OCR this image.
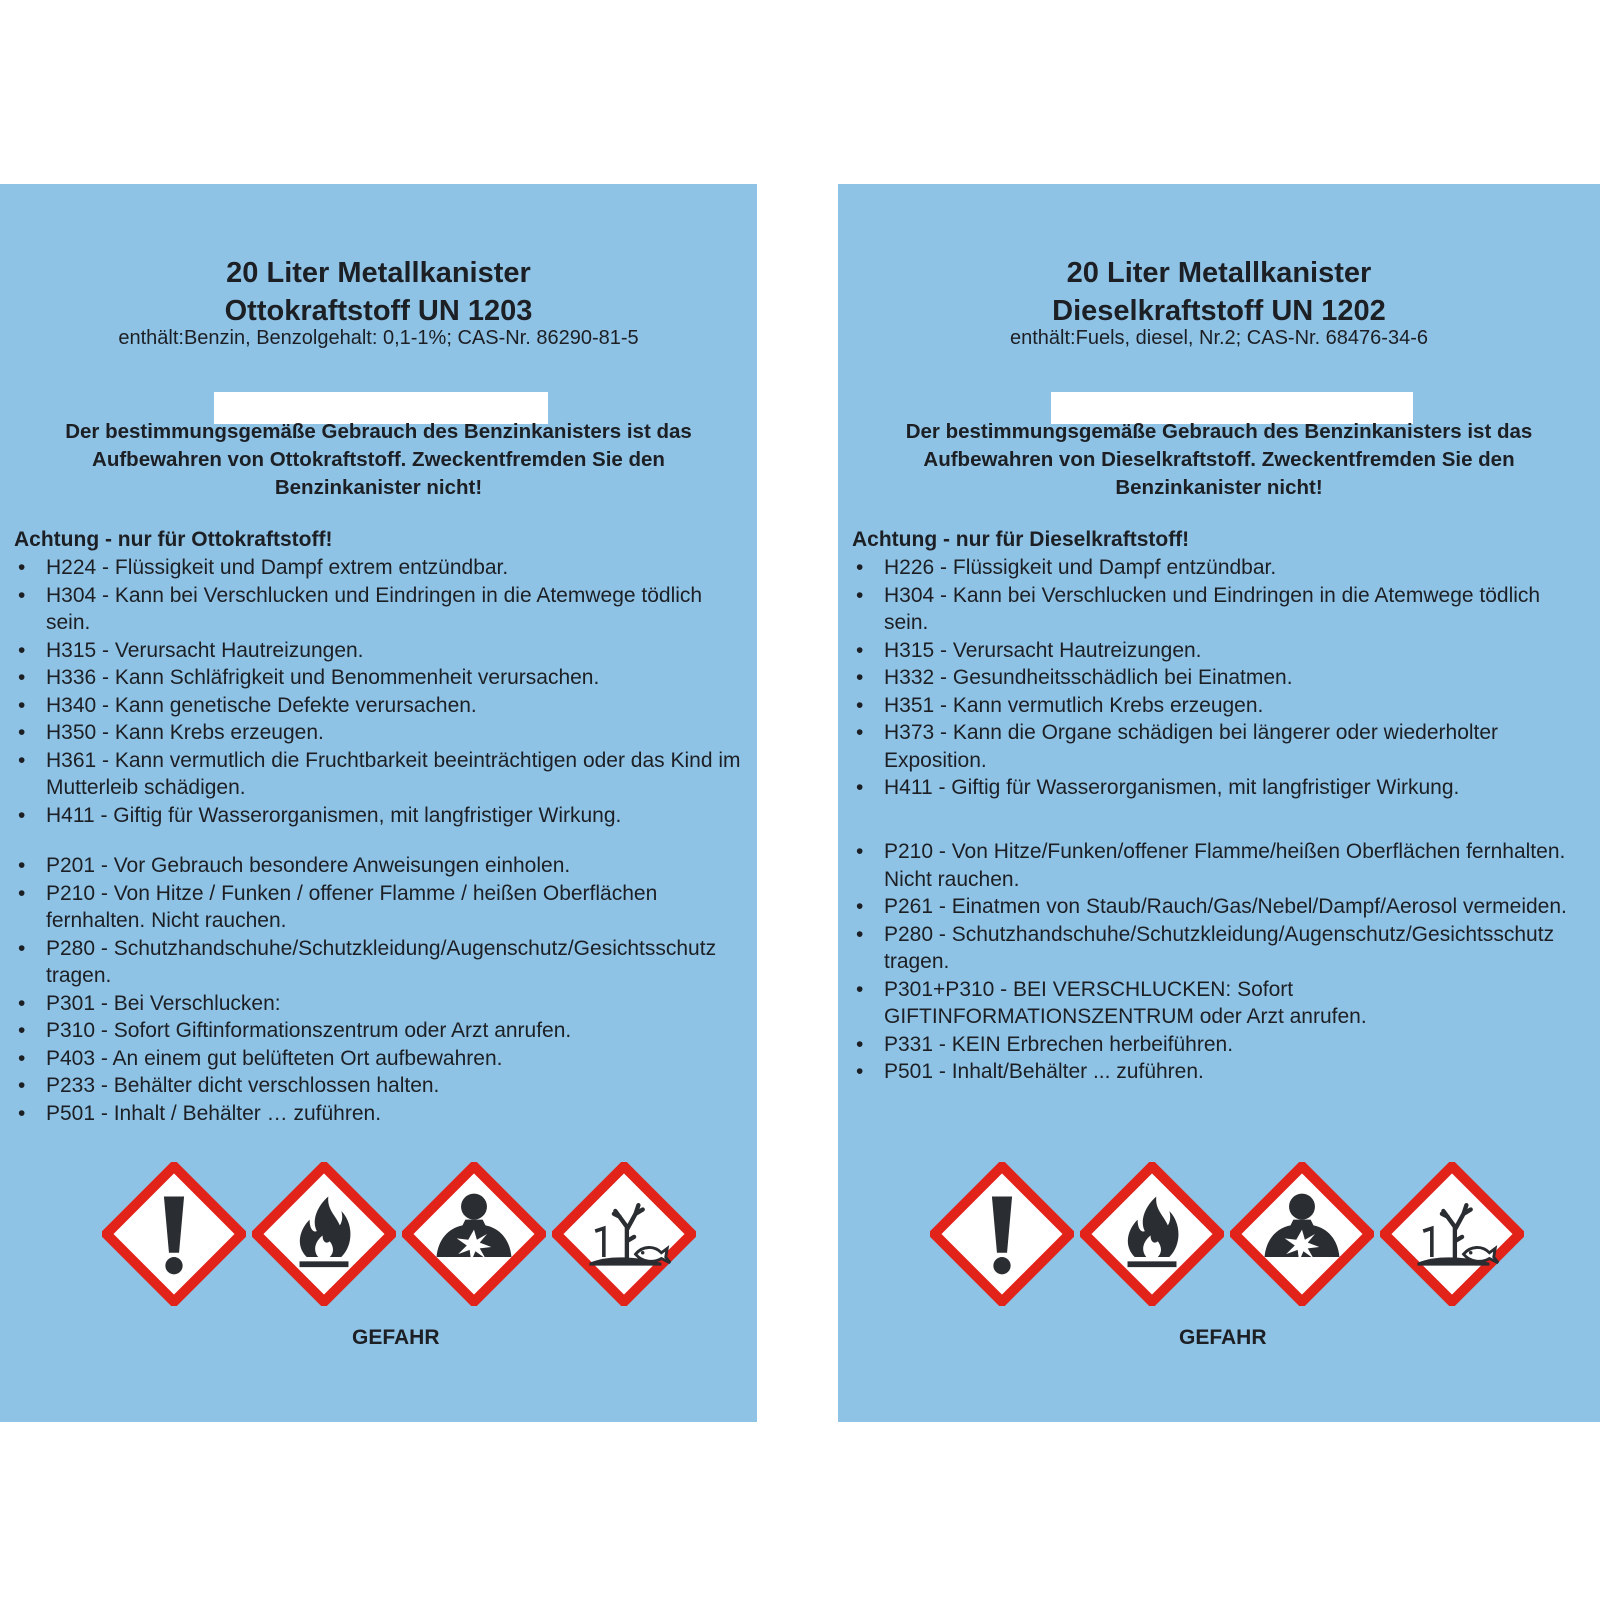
20 Liter Metallkanister
Ottokraftstoff UN 1203
enthält:Benzin, Benzolgehalt: 0,1-1%; CAS-Nr. 86290-81-5
Der bestimmungsgemäße Gebrauch des Benzinkanisters ist das Aufbewahren von Ottokraftstoff. Zweckentfremden Sie den Benzinkanister nicht!
Achtung - nur für Ottokraftstoff!
• H224 - Flüssigkeit und Dampf extrem entzündbar.
• H304 - Kann bei Verschlucken und Eindringen in die Atemwege tödlich sein.
• H315 - Verursacht Hautreizungen.
• H336 - Kann Schläfrigkeit und Benommenheit verursachen.
• H340 - Kann genetische Defekte verursachen.
• H350 - Kann Krebs erzeugen.
• H361 - Kann vermutlich die Fruchtbarkeit beeinträchtigen oder das Kind im Mutterleib schädigen.
• H411 - Giftig für Wasserorganismen, mit langfristiger Wirkung.
• P201 - Vor Gebrauch besondere Anweisungen einholen.
• P210 - Von Hitze / Funken / offener Flamme / heißen Oberflächen fernhalten. Nicht rauchen.
• P280 - Schutzhandschuhe/Schutzkleidung/Augenschutz/Gesichtsschutz tragen.
• P301 - Bei Verschlucken:
• P310 - Sofort Giftinformationszentrum oder Arzt anrufen.
• P403 - An einem gut belüfteten Ort aufbewahren.
• P233 - Behälter dicht verschlossen halten.
• P501 - Inhalt / Behälter … zuführen.
GEFAHR
20 Liter Metallkanister
Dieselkraftstoff UN 1202
enthält:Fuels, diesel, Nr.2; CAS-Nr. 68476-34-6
Der bestimmungsgemäße Gebrauch des Benzinkanisters ist das Aufbewahren von Dieselkraftstoff. Zweckentfremden Sie den Benzinkanister nicht!
Achtung - nur für Dieselkraftstoff!
• H226 - Flüssigkeit und Dampf entzündbar.
• H304 - Kann bei Verschlucken und Eindringen in die Atemwege tödlich sein.
• H315 - Verursacht Hautreizungen.
• H332 - Gesundheitsschädlich bei Einatmen.
• H351 - Kann vermutlich Krebs erzeugen.
• H373 - Kann die Organe schädigen bei längerer oder wiederholter Exposition.
• H411 - Giftig für Wasserorganismen, mit langfristiger Wirkung.
• P210 - Von Hitze/Funken/offener Flamme/heißen Oberflächen fernhalten. Nicht rauchen.
• P261 - Einatmen von Staub/Rauch/Gas/Nebel/Dampf/Aerosol vermeiden.
• P280 - Schutzhandschuhe/Schutzkleidung/Augenschutz/Gesichtsschutz tragen.
• P301+P310 - BEI VERSCHLUCKEN: Sofort GIFTINFORMATIONSZENTRUM oder Arzt anrufen.
• P331 - KEIN Erbrechen herbeiführen.
• P501 - Inhalt/Behälter ... zuführen.
GEFAHR
